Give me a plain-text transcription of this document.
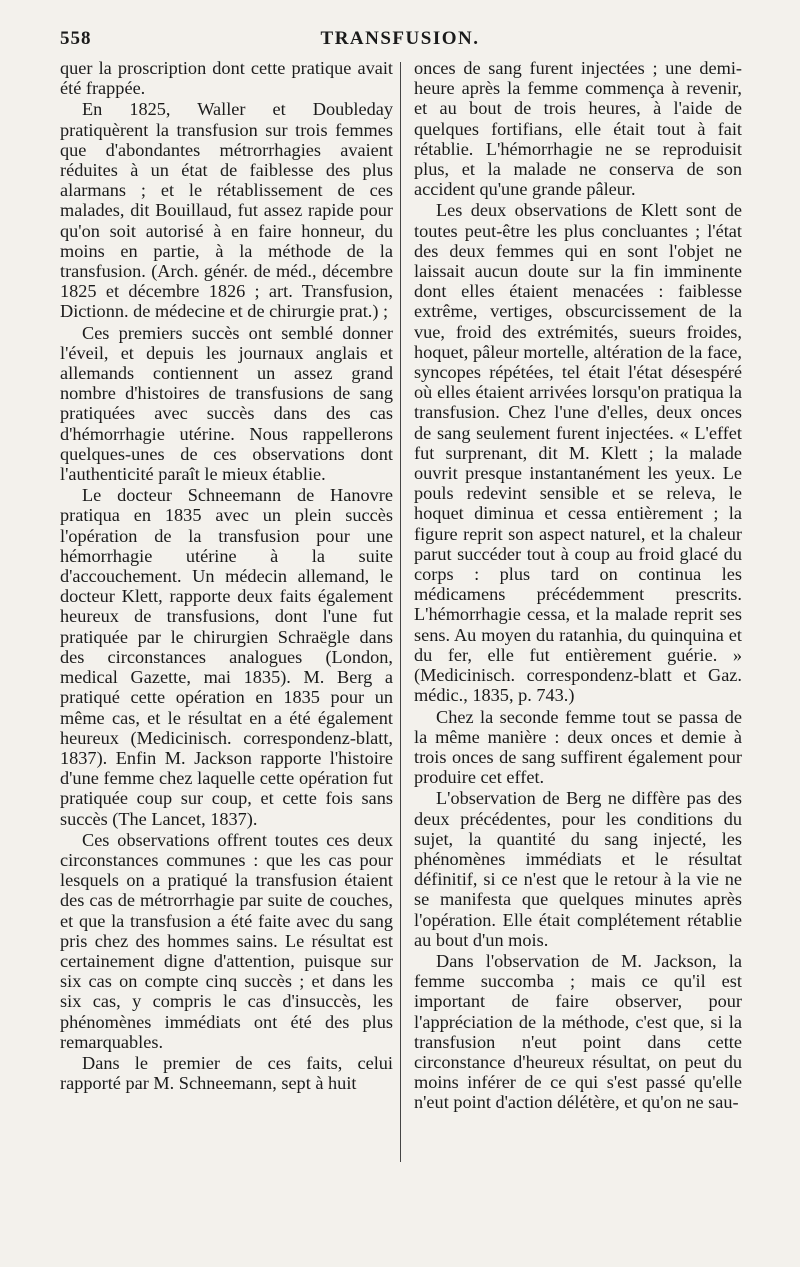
558	TRANSFUSION.

quer la proscription dont cette pratique avait été frappée.

En 1825, Waller et Doubleday pratiquèrent la transfusion sur trois femmes que d'abondantes métrorrhagies avaient réduites à un état de faiblesse des plus alarmans ; et le rétablissement de ces malades, dit Bouillaud, fut assez rapide pour qu'on soit autorisé à en faire honneur, du moins en partie, à la méthode de la transfusion. (Arch. génér. de méd., décembre 1825 et décembre 1826 ; art. Transfusion, Dictionn. de médecine et de chirurgie prat.) ;

Ces premiers succès ont semblé donner l'éveil, et depuis les journaux anglais et allemands contiennent un assez grand nombre d'histoires de transfusions de sang pratiquées avec succès dans des cas d'hémorrhagie utérine. Nous rappellerons quelques-unes de ces observations dont l'authenticité paraît le mieux établie.

Le docteur Schneemann de Hanovre pratiqua en 1835 avec un plein succès l'opération de la transfusion pour une hémorrhagie utérine à la suite d'accouchement. Un médecin allemand, le docteur Klett, rapporte deux faits également heureux de transfusions, dont l'une fut pratiquée par le chirurgien Schraëgle dans des circonstances analogues (London, medical Gazette, mai 1835). M. Berg a pratiqué cette opération en 1835 pour un même cas, et le résultat en a été également heureux (Medicinisch. correspondenz-blatt, 1837). Enfin M. Jackson rapporte l'histoire d'une femme chez laquelle cette opération fut pratiquée coup sur coup, et cette fois sans succès (The Lancet, 1837).

Ces observations offrent toutes ces deux circonstances communes : que les cas pour lesquels on a pratiqué la transfusion étaient des cas de métrorrhagie par suite de couches, et que la transfusion a été faite avec du sang pris chez des hommes sains. Le résultat est certainement digne d'attention, puisque sur six cas on compte cinq succès ; et dans les six cas, y compris le cas d'insuccès, les phénomènes immédiats ont été des plus remarquables.

Dans le premier de ces faits, celui rapporté par M. Schneemann, sept à huit

onces de sang furent injectées ; une demi-heure après la femme commença à revenir, et au bout de trois heures, à l'aide de quelques fortifians, elle était tout à fait rétablie. L'hémorrhagie ne se reproduisit plus, et la malade ne conserva de son accident qu'une grande pâleur.

Les deux observations de Klett sont de toutes peut-être les plus concluantes ; l'état des deux femmes qui en sont l'objet ne laissait aucun doute sur la fin imminente dont elles étaient menacées : faiblesse extrême, vertiges, obscurcissement de la vue, froid des extrémités, sueurs froides, hoquet, pâleur mortelle, altération de la face, syncopes répétées, tel était l'état désespéré où elles étaient arrivées lorsqu'on pratiqua la transfusion. Chez l'une d'elles, deux onces de sang seulement furent injectées. « L'effet fut surprenant, dit M. Klett ; la malade ouvrit presque instantanément les yeux. Le pouls redevint sensible et se releva, le hoquet diminua et cessa entièrement ; la figure reprit son aspect naturel, et la chaleur parut succéder tout à coup au froid glacé du corps : plus tard on continua les médicamens précédemment prescrits. L'hémorrhagie cessa, et la malade reprit ses sens. Au moyen du ratanhia, du quinquina et du fer, elle fut entièrement guérie. » (Medicinisch. correspondenz-blatt et Gaz. médic., 1835, p. 743.)

Chez la seconde femme tout se passa de la même manière : deux onces et demie à trois onces de sang suffirent également pour produire cet effet.

L'observation de Berg ne diffère pas des deux précédentes, pour les conditions du sujet, la quantité du sang injecté, les phénomènes immédiats et le résultat définitif, si ce n'est que le retour à la vie ne se manifesta que quelques minutes après l'opération. Elle était complétement rétablie au bout d'un mois.

Dans l'observation de M. Jackson, la femme succomba ; mais ce qu'il est important de faire observer, pour l'appréciation de la méthode, c'est que, si la transfusion n'eut point dans cette circonstance d'heureux résultat, on peut du moins inférer de ce qui s'est passé qu'elle n'eut point d'action délétère, et qu'on ne sau-
